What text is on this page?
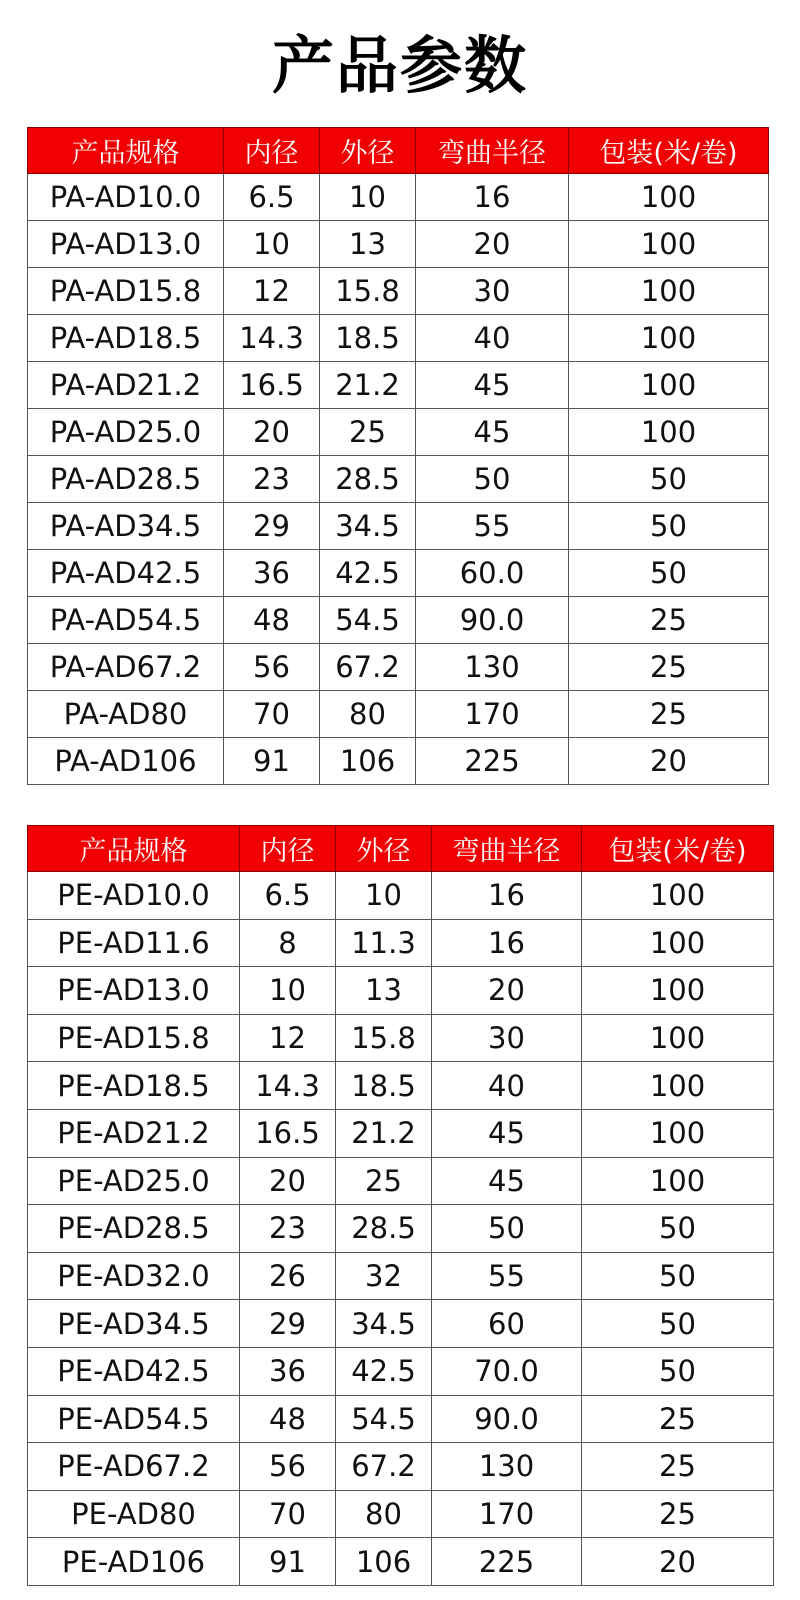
产品参数
产品规格	内径	外径	弯曲半径	包装(米/卷)
PA-AD10.0	6.5	10	16	100
PA-AD13.0	10	13	20	100
PA-AD15.8	12	15.8	30	100
PA-AD18.5	14.3	18.5	40	100
PA-AD21.2	16.5	21.2	45	100
PA-AD25.0	20	25	45	100
PA-AD28.5	23	28.5	50	50
PA-AD34.5	29	34.5	55	50
PA-AD42.5	36	42.5	60.0	50
PA-AD54.5	48	54.5	90.0	25
PA-AD67.2	56	67.2	130	25
PA-AD80	70	80	170	25
PA-AD106	91	106	225	20
产品规格	内径	外径	弯曲半径	包装(米/卷)
PE-AD10.0	6.5	10	16	100
PE-AD11.6	8	11.3	16	100
PE-AD13.0	10	13	20	100
PE-AD15.8	12	15.8	30	100
PE-AD18.5	14.3	18.5	40	100
PE-AD21.2	16.5	21.2	45	100
PE-AD25.0	20	25	45	100
PE-AD28.5	23	28.5	50	50
PE-AD32.0	26	32	55	50
PE-AD34.5	29	34.5	60	50
PE-AD42.5	36	42.5	70.0	50
PE-AD54.5	48	54.5	90.0	25
PE-AD67.2	56	67.2	130	25
PE-AD80	70	80	170	25
PE-AD106	91	106	225	20
